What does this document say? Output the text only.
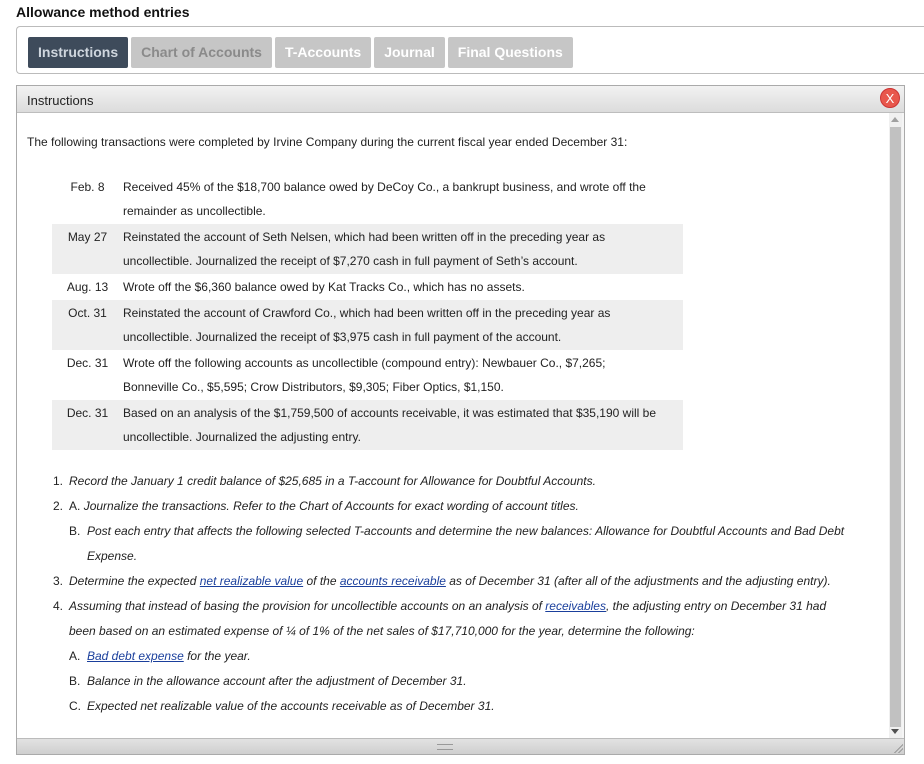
Allowance method entries
Instructions	Chart of Accounts	T-Accounts	Journal	Final Questions
Instructions	X
The following transactions were completed by Irvine Company during the current fiscal year ended December 31:
Feb. 8	Received 45% of the $18,700 balance owed by DeCoy Co., a bankrupt business, and wrote off the remainder as uncollectible.
May 27	Reinstated the account of Seth Nelsen, which had been written off in the preceding year as uncollectible. Journalized the receipt of $7,270 cash in full payment of Seth’s account.
Aug. 13	Wrote off the $6,360 balance owed by Kat Tracks Co., which has no assets.
Oct. 31	Reinstated the account of Crawford Co., which had been written off in the preceding year as uncollectible. Journalized the receipt of $3,975 cash in full payment of the account.
Dec. 31	Wrote off the following accounts as uncollectible (compound entry): Newbauer Co., $7,265; Bonneville Co., $5,595; Crow Distributors, $9,305; Fiber Optics, $1,150.
Dec. 31	Based on an analysis of the $1,759,500 of accounts receivable, it was estimated that $35,190 will be uncollectible. Journalized the adjusting entry.
1. Record the January 1 credit balance of $25,685 in a T-account for Allowance for Doubtful Accounts.
2. A. Journalize the transactions. Refer to the Chart of Accounts for exact wording of account titles.
B. Post each entry that affects the following selected T-accounts and determine the new balances: Allowance for Doubtful Accounts and Bad Debt Expense.
3. Determine the expected net realizable value of the accounts receivable as of December 31 (after all of the adjustments and the adjusting entry).
4. Assuming that instead of basing the provision for uncollectible accounts on an analysis of receivables, the adjusting entry on December 31 had been based on an estimated expense of ¼ of 1% of the net sales of $17,710,000 for the year, determine the following:
A. Bad debt expense for the year.
B. Balance in the allowance account after the adjustment of December 31.
C. Expected net realizable value of the accounts receivable as of December 31.
